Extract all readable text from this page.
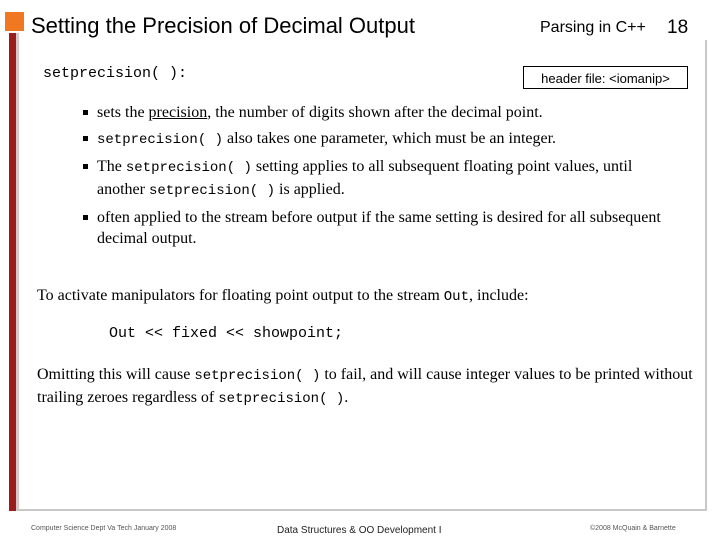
Setting the Precision of Decimal Output	Parsing in C++ 18
setprecision( ):	header file: <iomanip>
sets the precision, the number of digits shown after the decimal point.
setprecision( ) also takes one parameter, which must be an integer.
The setprecision( ) setting applies to all subsequent floating point values, until another setprecision( ) is applied.
often applied to the stream before output if the same setting is desired for all subsequent decimal output.
To activate manipulators for floating point output to the stream Out, include:
Out << fixed << showpoint;
Omitting this will cause setprecision( ) to fail, and will cause integer values to be printed without trailing zeroes regardless of setprecision( ).
Computer Science Dept Va Tech January 2008	Data Structures & OO Development I	©2008 McQuain & Barnette
